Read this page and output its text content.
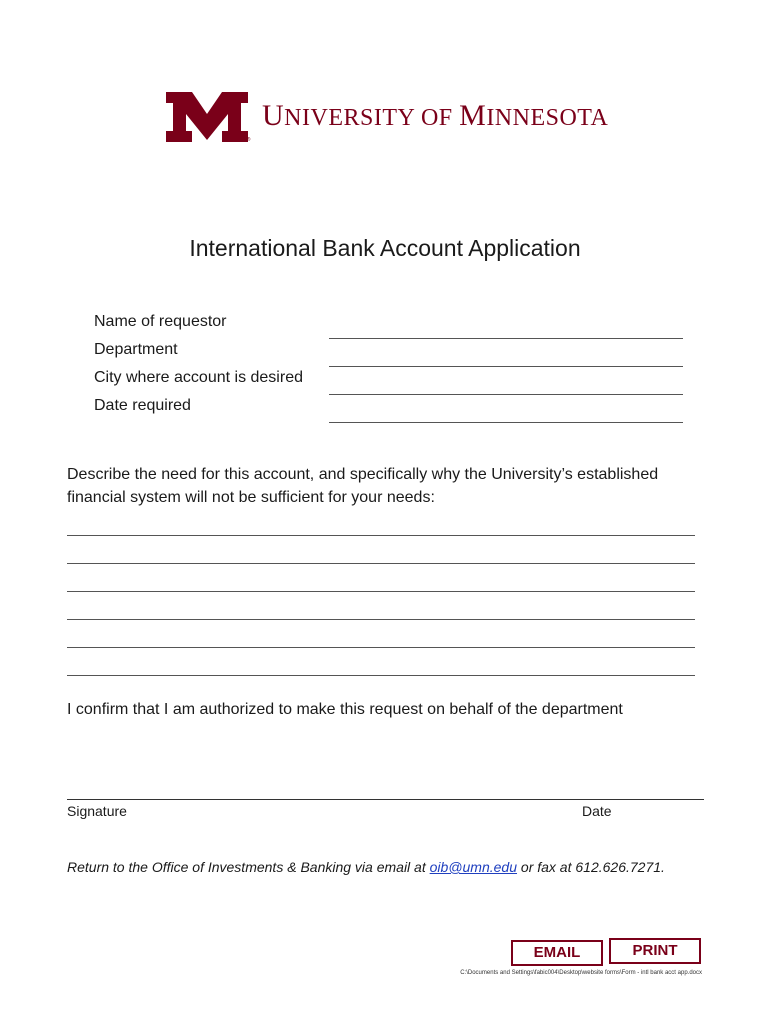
®
UNIVERSITY OF MINNESOTA
International Bank Account Application
Name of requestor
Department
City where account is desired
Date required
Describe the need for this account, and specifically why the University’s established financial system will not be sufficient for your needs:
I confirm that I am authorized to make this request on behalf of the department
Signature	Date
Return to the Office of Investments & Banking via email at oib@umn.edu or fax at 612.626.7271.
EMAIL	PRINT
C:\Documents and Settings\fabic004\Desktop\website forms\Form - intl bank acct app.docx
